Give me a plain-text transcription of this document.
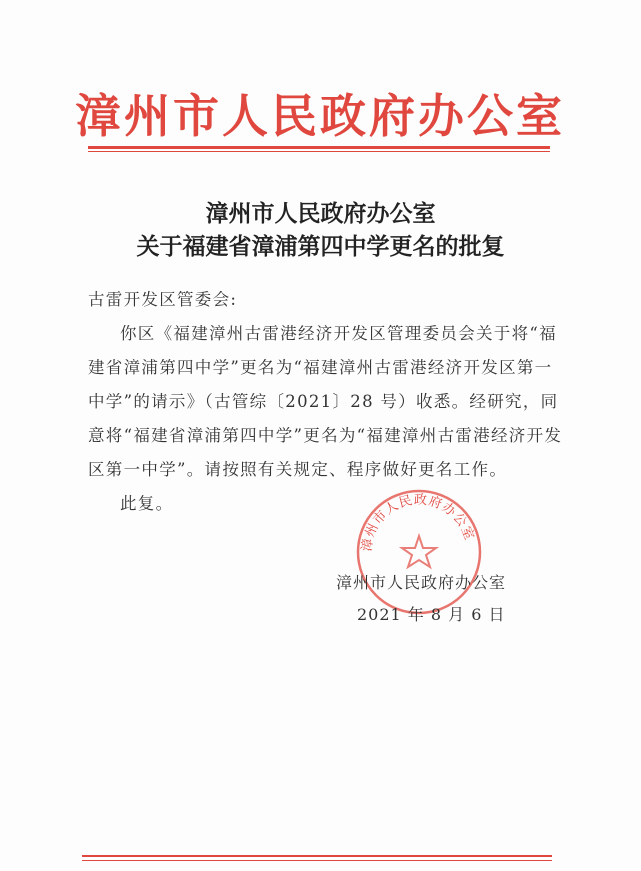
漳州市人民政府办公室
漳州市人民政府办公室
关于福建省漳浦第四中学更名的批复
古雷开发区管委会:
你区《福建漳州古雷港经济开发区管理委员会关于将“福
建省漳浦第四中学”更名为“福建漳州古雷港经济开发区第一
中学”的请示》（古管综〔2021〕28 号）收悉。经研究，同
意将“福建省漳浦第四中学”更名为“福建漳州古雷港经济开发
区第一中学”。请按照有关规定、程序做好更名工作。
此复。
漳州市人民政府办公室
漳州市人民政府办公室
2021 年 8 月 6 日
